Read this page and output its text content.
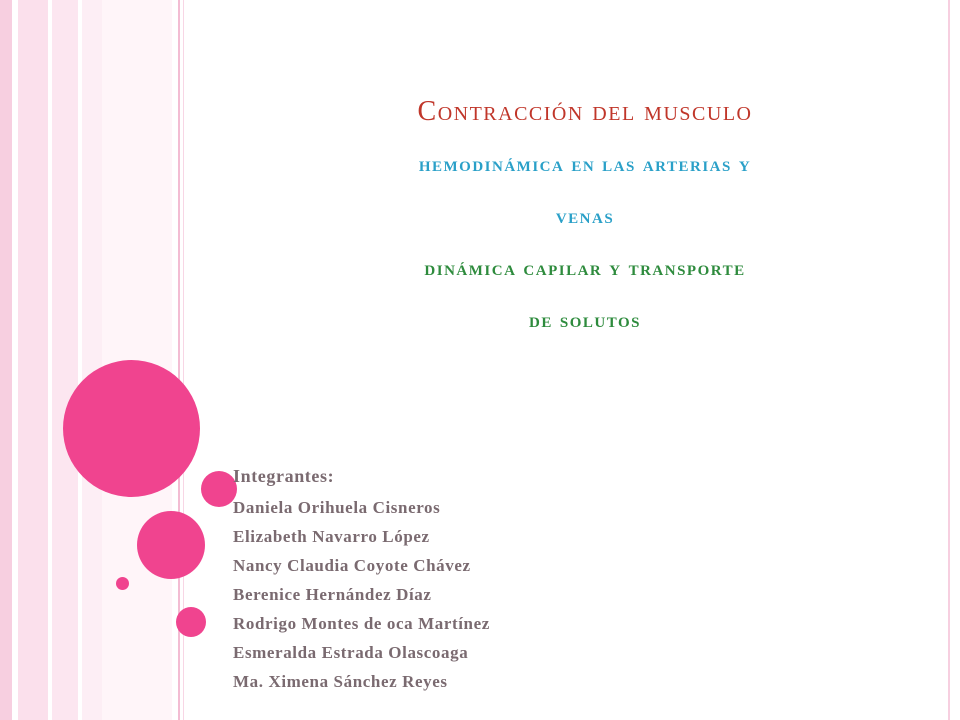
Contracción del musculo
hemodinámica en las arterias y
venas
dinámica capilar y transporte
de solutos
Integrantes:
Daniela Orihuela Cisneros
Elizabeth Navarro López
Nancy Claudia Coyote Chávez
Berenice Hernández Díaz
Rodrigo Montes de oca Martínez
Esmeralda Estrada Olascoaga
Ma. Ximena Sánchez Reyes
